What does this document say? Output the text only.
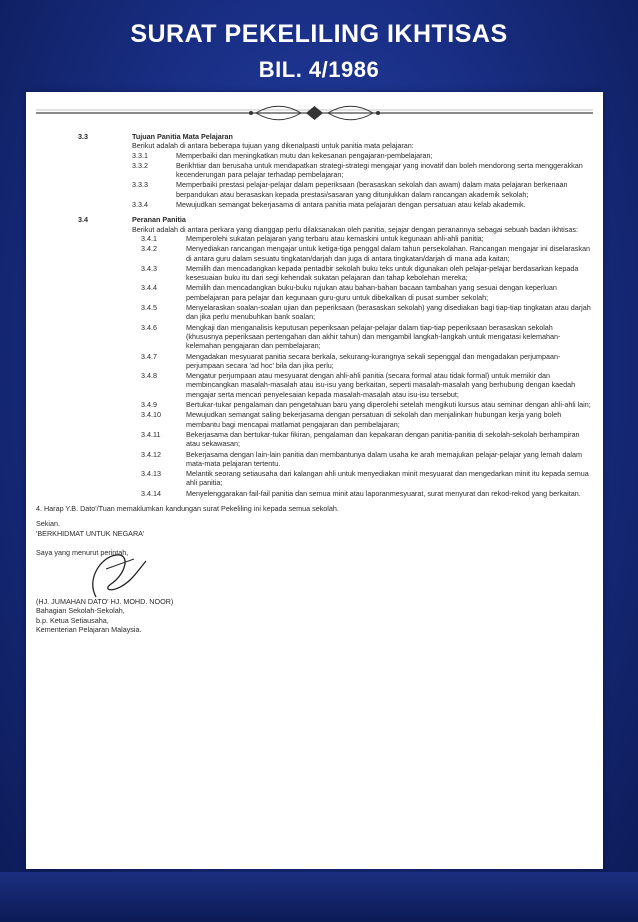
SURAT PEKELILING IKHTISAS
BIL. 4/1986
3.3	Tujuan Panitia Mata Pelajaran
Berikut adalah di antara beberapa tujuan yang dikenalpasti untuk panitia mata pelajaran:
3.3.1	Memperbaiki dan meningkatkan mutu dan kekesanan pengajaran-pembelajaran;
3.3.2	Berikhtiar dan berusaha untuk mendapatkan strategi-strategi mengajar yang inovatif dan boleh mendorong serta menggerakkan kecenderungan para pelajar terhadap pembelajaran;
3.3.3	Memperbaiki prestasi pelajar-pelajar dalam peperiksaan (berasaskan sekolah dan awam) dalam mata pelajaran berkenaan berpandukan atau berasaskan kepada prestasi/sasaran yang ditunjukkan dalam rancangan akademik sekolah;
3.3.4	Mewujudkan semangat bekerjasama di antara panitia mata pelajaran dengan persatuan atau kelab akademik.
3.4	Peranan Panitia
Berikut adalah di antara perkara yang dianggap perlu dilaksanakan oleh panitia, sejajar dengan peranannya sebagai sebuah badan ikhtisas:
3.4.1	Memperolehi sukatan pelajaran yang terbaru atau kemaskini untuk kegunaan ahli-ahli panitia;
3.4.2	Menyediakan rancangan mengajar untuk ketiga-tiga penggal dalam tahun persekolahan. Rancangan mengajar ini diselaraskan di antara guru dalam sesuatu tingkatan/darjah dan juga di antara tingkatan/darjah di mana ada kaitan;
3.4.3	Memilih dan mencadangkan kepada pentadbir sekolah buku teks untuk digunakan oleh pelajar-pelajar berdasarkan kepada kesesuaian buku itu dari segi kehendak sukatan pelajaran dan tahap kebolehan mereka;
3.4.4	Memilih dan mencadangkan buku-buku rujukan atau bahan-bahan bacaan tambahan yang sesuai dengan keperluan pembelajaran para pelajar dan kegunaan guru-guru untuk dibekalkan di pusat sumber sekolah;
3.4.5	Menyelaraskan soalan-soalan ujian dan peperiksaan (berasaskan sekolah) yang disediakan bagi tiap-tiap tingkatan atau darjah dan jika perlu menubuhkan bank soalan;
3.4.6	Mengkaji dan menganalisis keputusan peperiksaan pelajar-pelajar dalam tiap-tiap peperiksaan berasaskan sekolah (khususnya peperiksaan pertengahan dan akhir tahun) dan mengambil langkah-langkah untuk mengatasi kelemahan-kelemahan pengajaran dan pembelajaran;
3.4.7	Mengadakan mesyuarat panitia secara berkala, sekurang-kurangnya sekali sepenggal dan mengadakan perjumpaan-perjumpaan secara 'ad hoc' bila dan jika perlu;
3.4.8	Mengatur perjumpaan atau mesyuarat dengan ahli-ahli panitia (secara formal atau tidak formal) untuk memikir dan membincangkan masalah-masalah atau isu-isu yang berkaitan, seperti masalah-masalah yang berhubung dengan kaedah mengajar serta mencari penyelesaian kepada masalah-masalah atau isu-isu tersebut;
3.4.9	Bertukar-tukar pengalaman dan pengetahuan baru yang diperolehi setelah mengikuti kursus atau seminar dengan ahli-ahli lain;
3.4.10	Mewujudkan semangat saling bekerjasama dengan persatuan di sekolah dan menjalinkan hubungan kerja yang boleh membantu bagi mencapai matlamat pengajaran dan pembelajaran;
3.4.11	Bekerjasama dan bertukar-tukar fikiran, pengalaman dan kepakaran dengan panitia-panitia di sekolah-sekolah berhampiran atau sekawasan;
3.4.12	Bekerjasama dengan lain-lain panitia dan membantunya dalam usaha ke arah memajukan pelajar-pelajar yang lemah dalam mata-mata pelajaran tertentu.
3.4.13	Melantik seorang setiausaha dari kalangan ahli untuk menyediakan minit mesyuarat dan mengedarkan minit itu kepada semua ahli panitia;
3.4.14	Menyelenggarakan fail-fail panitia dan semua minit atau laporanmesyuarat, surat menyurat dan rekod-rekod yang berkaitan.
4. Harap Y.B. Dato'/Tuan memaklumkan kandungan surat Pekeliling ini kepada semua sekolah.
Sekian.
'BERKHIDMAT UNTUK NEGARA'
Saya yang menurut perintah,
(HJ. JUMAHAN DATO' HJ. MOHD. NOOR)
Bahagian Sekolah-Sekolah,
b.p. Ketua Setiausaha,
Kementerian Pelajaran Malaysia.
